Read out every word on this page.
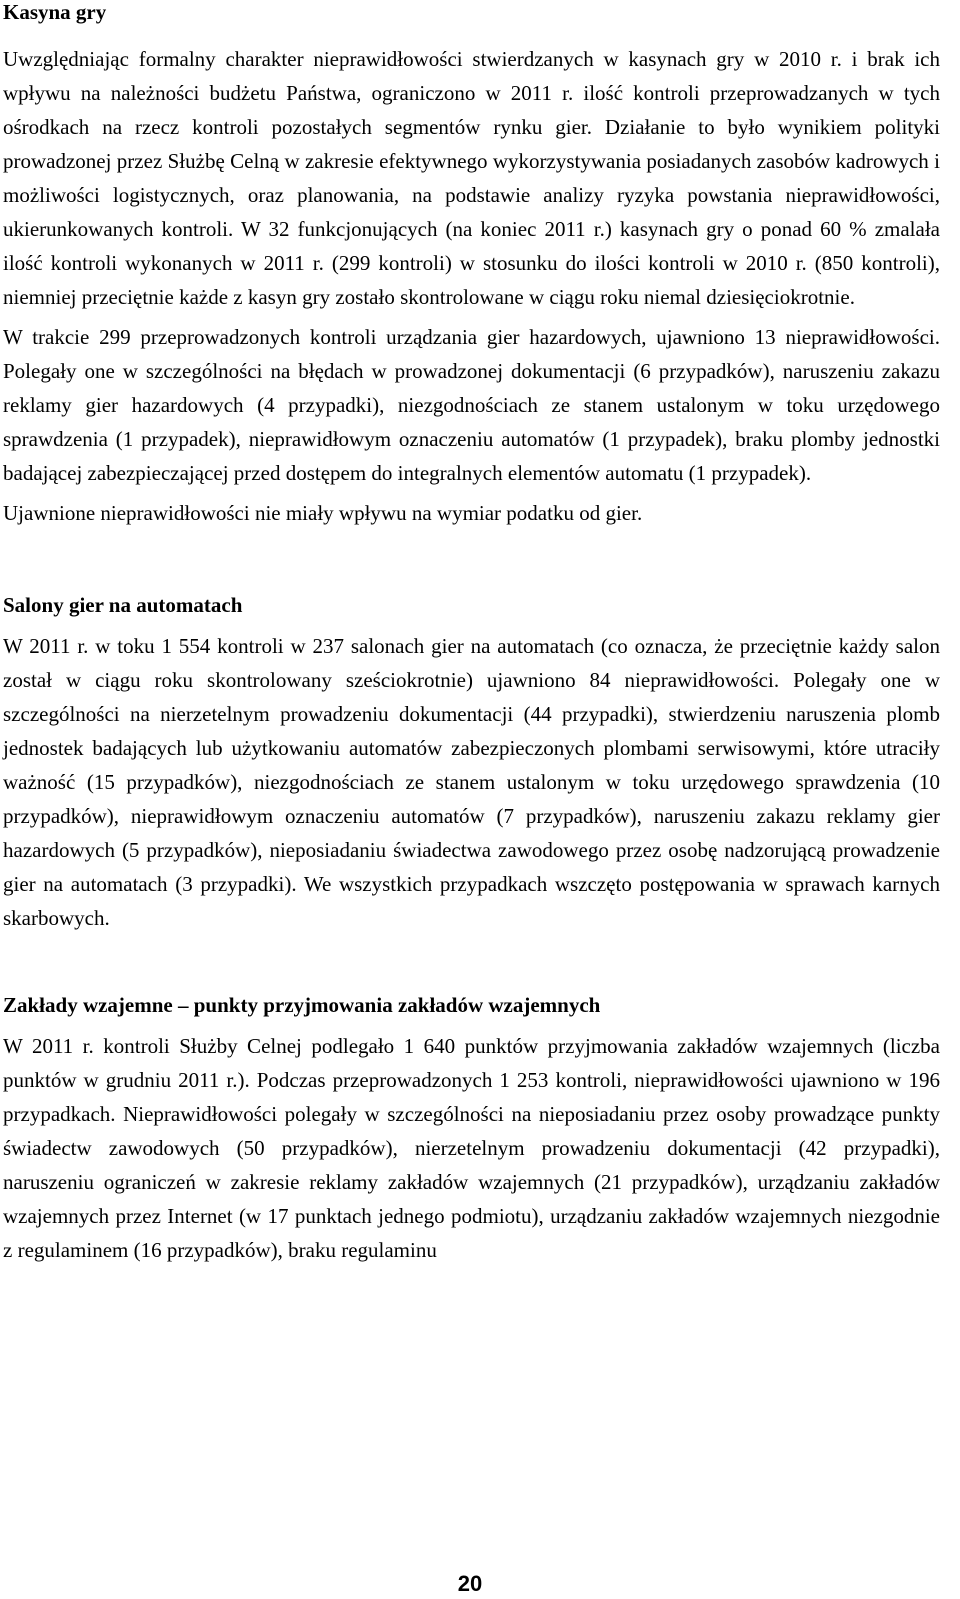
Kasyna gry

Uwzględniając formalny charakter nieprawidłowości stwierdzanych w kasynach gry w 2010 r. i brak ich wpływu na należności budżetu Państwa, ograniczono w 2011 r. ilość kontroli przeprowadzanych w tych ośrodkach na rzecz kontroli pozostałych segmentów rynku gier. Działanie to było wynikiem polityki prowadzonej przez Służbę Celną w zakresie efektywnego wykorzystywania posiadanych zasobów kadrowych i możliwości logistycznych, oraz planowania, na podstawie analizy ryzyka powstania nieprawidłowości, ukierunkowanych kontroli. W 32 funkcjonujących (na koniec 2011 r.) kasynach gry o ponad 60 % zmalała ilość kontroli wykonanych w 2011 r. (299 kontroli) w stosunku do ilości kontroli w 2010 r. (850 kontroli), niemniej przeciętnie każde z kasyn gry zostało skontrolowane w ciągu roku niemal dziesięciokrotnie.

W trakcie 299 przeprowadzonych kontroli urządzania gier hazardowych, ujawniono 13 nieprawidłowości. Polegały one w szczególności na błędach w prowadzonej dokumentacji (6 przypadków), naruszeniu zakazu reklamy gier hazardowych (4 przypadki), niezgodnościach ze stanem ustalonym w toku urzędowego sprawdzenia (1 przypadek), nieprawidłowym oznaczeniu automatów (1 przypadek), braku plomby jednostki badającej zabezpieczającej przed dostępem do integralnych elementów automatu (1 przypadek).

Ujawnione nieprawidłowości nie miały wpływu na wymiar podatku od gier.

Salony gier na automatach

W 2011 r. w toku 1 554 kontroli w 237 salonach gier na automatach (co oznacza, że przeciętnie każdy salon został w ciągu roku skontrolowany sześciokrotnie) ujawniono 84 nieprawidłowości. Polegały one w szczególności na nierzetelnym prowadzeniu dokumentacji (44 przypadki), stwierdzeniu naruszenia plomb jednostek badających lub użytkowaniu automatów zabezpieczonych plombami serwisowymi, które utraciły ważność (15 przypadków), niezgodnościach ze stanem ustalonym w toku urzędowego sprawdzenia (10 przypadków), nieprawidłowym oznaczeniu automatów (7 przypadków), naruszeniu zakazu reklamy gier hazardowych (5 przypadków), nieposiadaniu świadectwa zawodowego przez osobę nadzorującą prowadzenie gier na automatach (3 przypadki). We wszystkich przypadkach wszczęto postępowania w sprawach karnych skarbowych.

Zakłady wzajemne – punkty przyjmowania zakładów wzajemnych

W 2011 r. kontroli Służby Celnej podlegało 1 640 punktów przyjmowania zakładów wzajemnych (liczba punktów w grudniu 2011 r.). Podczas przeprowadzonych 1 253 kontroli, nieprawidłowości ujawniono w 196 przypadkach. Nieprawidłowości polegały w szczególności na nieposiadaniu przez osoby prowadzące punkty świadectw zawodowych (50 przypadków), nierzetelnym prowadzeniu dokumentacji (42 przypadki), naruszeniu ograniczeń w zakresie reklamy zakładów wzajemnych (21 przypadków), urządzaniu zakładów wzajemnych przez Internet (w 17 punktach jednego podmiotu), urządzaniu zakładów wzajemnych niezgodnie z regulaminem (16 przypadków), braku regulaminu

20
